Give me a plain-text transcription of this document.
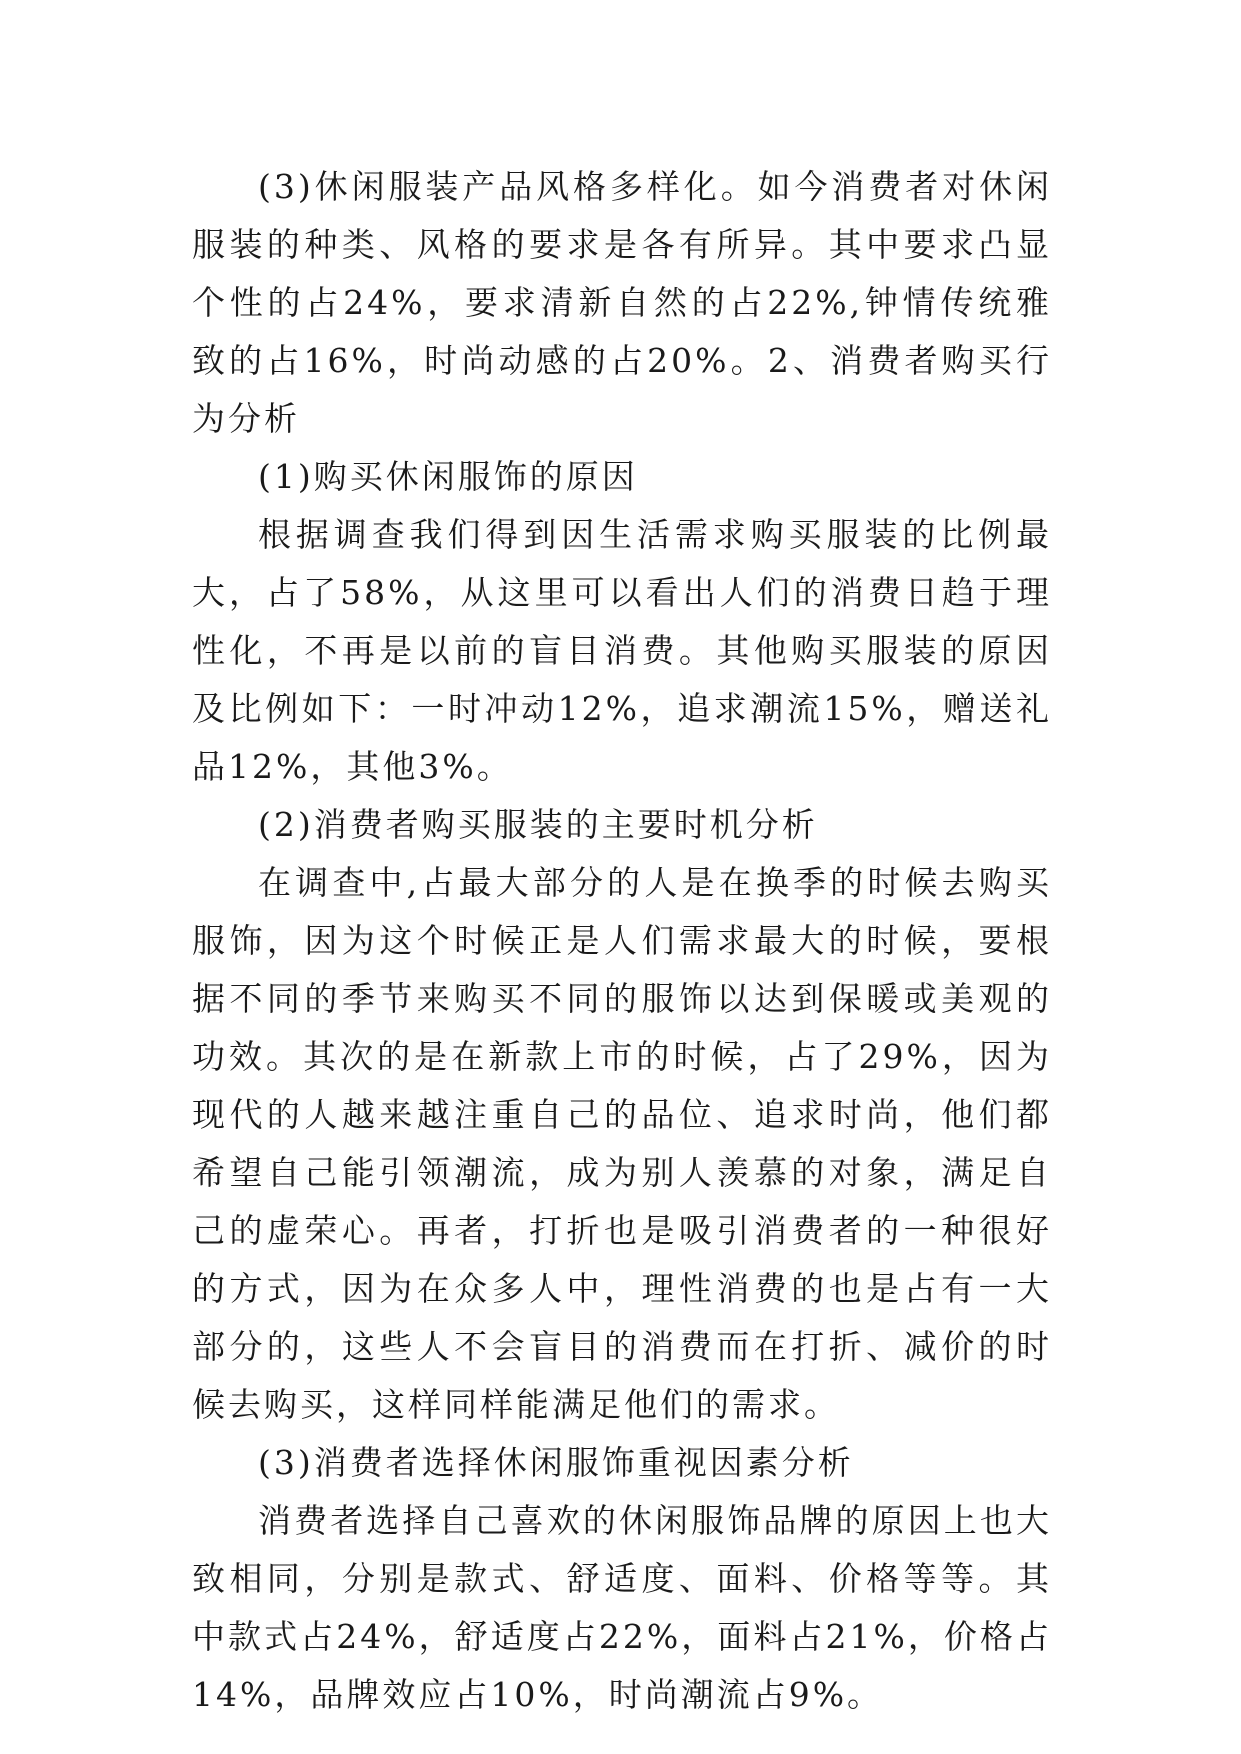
(3)休闲服装产品风格多样化。如今消费者对休闲服装的种类、风格的要求是各有所异。其中要求凸显个性的占24%，要求清新自然的占22%,钟情传统雅致的占16%，时尚动感的占20%。2、消费者购买行为分析

(1)购买休闲服饰的原因

根据调查我们得到因生活需求购买服装的比例最大，占了58%，从这里可以看出人们的消费日趋于理性化，不再是以前的盲目消费。其他购买服装的原因及比例如下：一时冲动12%，追求潮流15%，赠送礼品12%，其他3%。

(2)消费者购买服装的主要时机分析

在调查中,占最大部分的人是在换季的时候去购买服饰，因为这个时候正是人们需求最大的时候，要根据不同的季节来购买不同的服饰以达到保暖或美观的功效。其次的是在新款上市的时候，占了29%，因为现代的人越来越注重自己的品位、追求时尚，他们都希望自己能引领潮流，成为别人羡慕的对象，满足自己的虚荣心。再者，打折也是吸引消费者的一种很好的方式，因为在众多人中，理性消费的也是占有一大部分的，这些人不会盲目的消费而在打折、减价的时候去购买，这样同样能满足他们的需求。

(3)消费者选择休闲服饰重视因素分析

消费者选择自己喜欢的休闲服饰品牌的原因上也大致相同，分别是款式、舒适度、面料、价格等等。其中款式占24%，舒适度占22%，面料占21%，价格占14%，品牌效应占10%，时尚潮流占9%。
